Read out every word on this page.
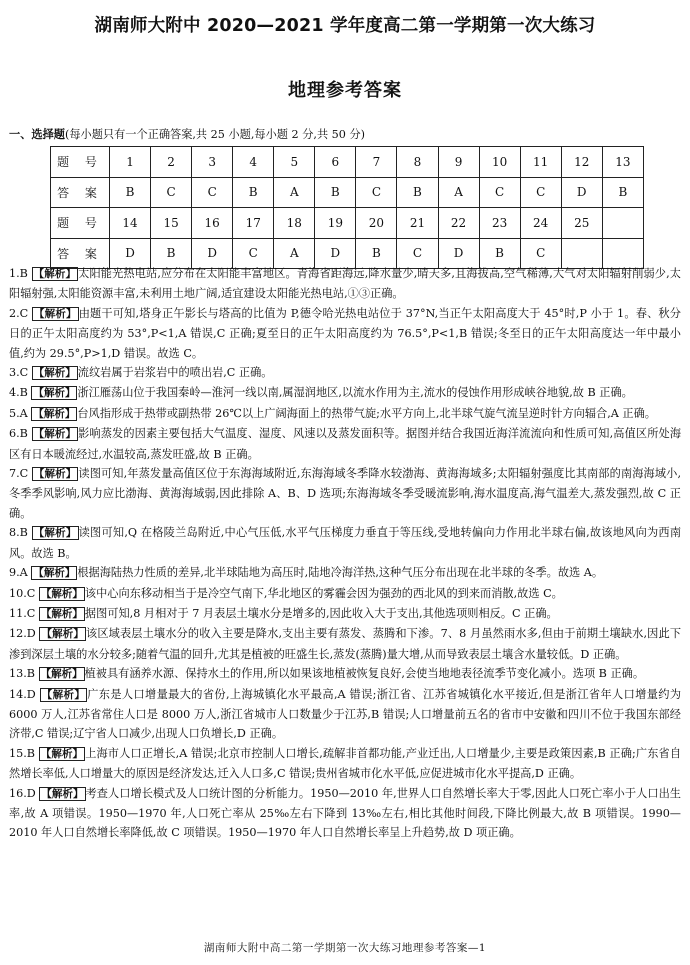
湖南师大附中 2020—2021 学年度高二第一学期第一次大练习
地理参考答案
一、选择题(每小题只有一个正确答案,共 25 小题,每小题 2 分,共 50 分)
题 号	1	2	3	4	5	6	7	8	9	10	11	12	13
答 案	B	C	C	B	A	B	C	B	A	C	C	D	B
题 号	14	15	16	17	18	19	20	21	22	23	24	25	
答 案	D	B	D	C	A	D	B	C	D	B	C		

1.B 【解析】 太阳能光热电站,应分布在太阳能丰富地区。青海省距海远,降水量少,晴天多,且海拔高,空气稀薄,大气对太阳辐射削弱少,太阳辐射强,太阳能资源丰富,未利用土地广阔,适宜建设太阳能光热电站,①③正确。

2.C 【解析】 由题干可知,塔身正午影长与塔高的比值为 P,德令哈光热电站位于 37°N,当正午太阳高度大于 45°时,P 小于 1。春、秋分日的正午太阳高度约为 53°,P<1,A 错误,C 正确;夏至日的正午太阳高度约为 76.5°,P<1,B 错误;冬至日的正午太阳高度达一年中最小值,约为 29.5°,P>1,D 错误。故选 C。

3.C 【解析】 流纹岩属于岩浆岩中的喷出岩,C 正确。

4.B 【解析】 浙江雁荡山位于我国秦岭—淮河一线以南,属湿润地区,以流水作用为主,流水的侵蚀作用形成峡谷地貌,故 B 正确。

5.A 【解析】 台风指形成于热带或副热带 26℃以上广阔海面上的热带气旋;水平方向上,北半球气旋气流呈逆时针方向辐合,A 正确。

6.B 【解析】 影响蒸发的因素主要包括大气温度、湿度、风速以及蒸发面积等。据图并结合我国近海洋流流向和性质可知,高值区所处海区有日本暖流经过,水温较高,蒸发旺盛,故 B 正确。

7.C 【解析】 读图可知,年蒸发量高值区位于东海海域附近,东海海域冬季降水较渤海、黄海海域多;太阳辐射强度比其南部的南海海域小,冬季季风影响,风力应比渤海、黄海海域弱,因此排除 A、B、D 选项;东海海域冬季受暖流影响,海水温度高,海气温差大,蒸发强烈,故 C 正确。

8.B 【解析】 读图可知,Q 在格陵兰岛附近,中心气压低,水平气压梯度力垂直于等压线,受地转偏向力作用北半球右偏,故该地风向为西南风。故选 B。

9.A 【解析】 根据海陆热力性质的差异,北半球陆地为高压时,陆地冷海洋热,这种气压分布出现在北半球的冬季。故选 A。

10.C 【解析】 该中心向东移动相当于是冷空气南下,华北地区的雾霾会因为强劲的西北风的到来而消散,故选 C。

11.C 【解析】 据图可知,8 月相对于 7 月表层土壤水分是增多的,因此收入大于支出,其他选项则相反。C 正确。

12.D 【解析】 该区域表层土壤水分的收入主要是降水,支出主要有蒸发、蒸腾和下渗。7、8 月虽然雨水多,但由于前期土壤缺水,因此下渗到深层土壤的水分较多;随着气温的回升,尤其是植被的旺盛生长,蒸发(蒸腾)量大增,从而导致表层土壤含水量较低。D 正确。

13.B 【解析】 植被具有涵养水源、保持水土的作用,所以如果该地植被恢复良好,会使当地地表径流季节变化减小。选项 B 正确。

14.D 【解析】 广东是人口增量最大的省份,上海城镇化水平最高,A 错误;浙江省、江苏省城镇化水平接近,但是浙江省年人口增量约为 6000 万人,江苏省常住人口是 8000 万人,浙江省城市人口数量少于江苏,B 错误;人口增量前五名的省市中安徽和四川不位于我国东部经济带,C 错误;辽宁省人口减少,出现人口负增长,D 正确。

15.B 【解析】 上海市人口正增长,A 错误;北京市控制人口增长,疏解非首都功能,产业迁出,人口增量少,主要是政策因素,B 正确;广东省自然增长率低,人口增量大的原因是经济发达,迁入人口多,C 错误;贵州省城市化水平低,应促进城市化水平提高,D 正确。

16.D 【解析】 考查人口增长模式及人口统计图的分析能力。1950—2010 年,世界人口自然增长率大于零,因此人口死亡率小于人口出生率,故 A 项错误。1950—1970 年,人口死亡率从 25‰左右下降到 13‰左右,相比其他时间段,下降比例最大,故 B 项错误。1990—2010 年人口自然增长率降低,故 C 项错误。1950—1970 年人口自然增长率呈上升趋势,故 D 项正确。

湖南师大附中高二第一学期第一次大练习地理参考答案—1
